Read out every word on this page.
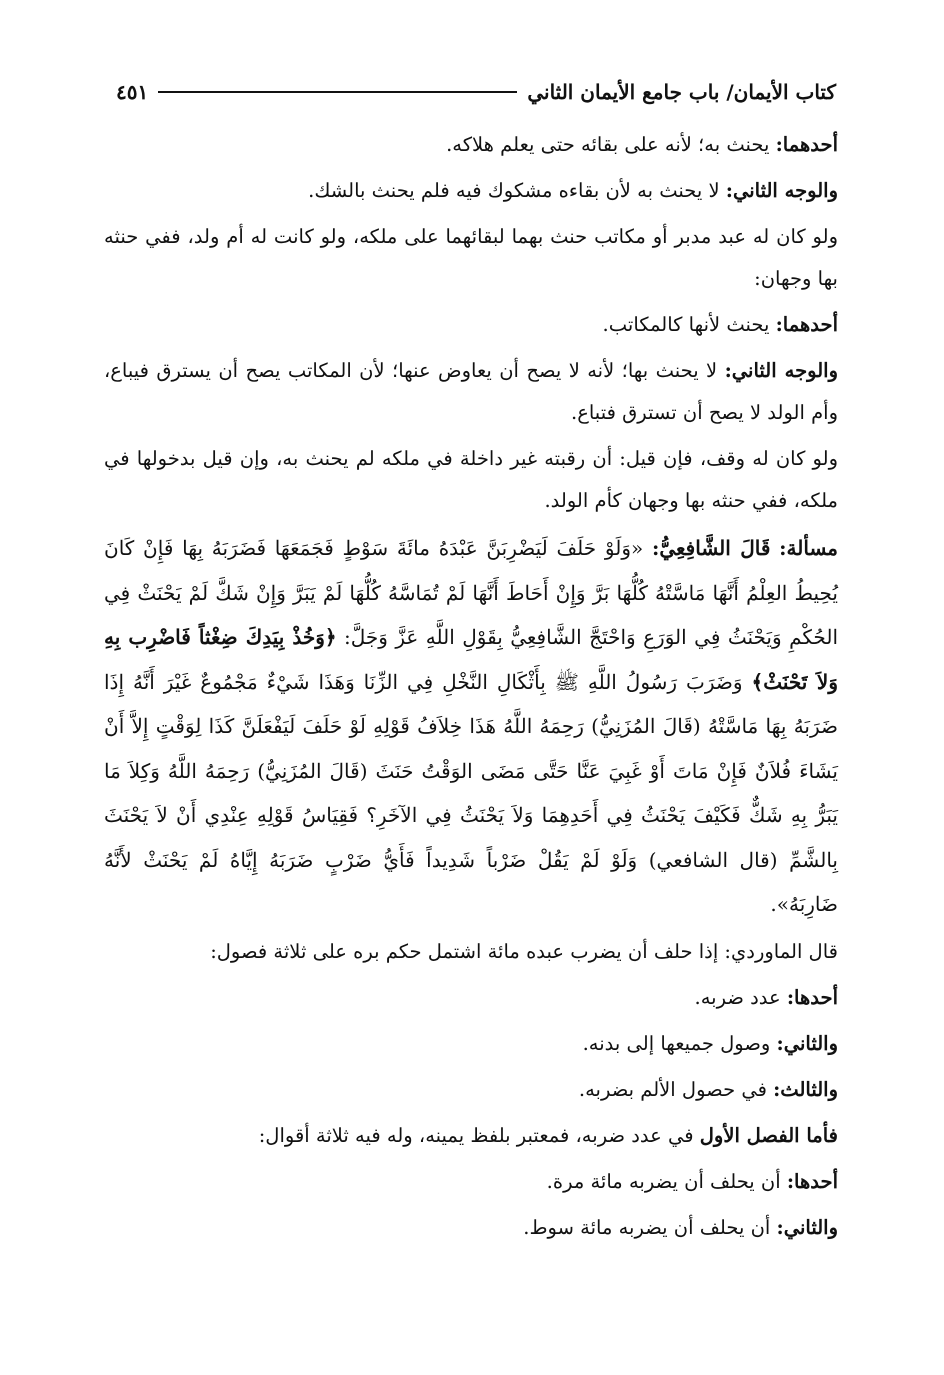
كتاب الأيمان/ باب جامع الأيمان الثاني
٤٥١

أحدهما: يحنث به؛ لأنه على بقائه حتى يعلم هلاكه.

والوجه الثاني: لا يحنث به لأن بقاءه مشكوك فيه فلم يحنث بالشك.

ولو كان له عبد مدبر أو مكاتب حنث بهما لبقائهما على ملكه، ولو كانت له أم ولد، ففي حنثه بها وجهان:

أحدهما: يحنث لأنها كالمكاتب.

والوجه الثاني: لا يحنث بها؛ لأنه لا يصح أن يعاوض عنها؛ لأن المكاتب يصح أن يسترق فيباع، وأم الولد لا يصح أن تسترق فتباع.

ولو كان له وقف، فإن قيل: أن رقبته غير داخلة في ملكه لم يحنث به، وإن قيل بدخولها في ملكه، ففي حنثه بها وجهان كأم الولد.

مسألة: قَالَ الشَّافِعِيُّ: «وَلَوْ حَلَفَ لَيَضْرِبَنَّ عَبْدَهُ مائَةَ سَوْطٍ فَجَمَعَهَا فَضَرَبَهُ بِهَا فَإِنْ كَانَ يُحِيطُ العِلْمُ أَنَّهَا مَاسَّتْهُ كُلُّهَا بَرَّ وَإِنْ أَحَاطَ أَنَّهَا لَمْ تُمَاسَّهُ كُلُّهَا لَمْ يَبَرَّ وَإِنْ شَكَّ لَمْ يَحْنَثْ فِي الحُكْمِ وَيَحْنَثُ فِي الوَرَعِ وَاحْتَجَّ الشَّافِعِيُّ بِقَوْلِ اللَّهِ عَزَّ وَجَلَّ: ﴿وَخُذْ بِيَدِكَ ضِغْثاً فَاضْرِب بِهِ وَلاَ تَحْنَثْ﴾ وَضَرَبَ رَسُولُ اللَّهِ ﷺ بِأَثْكَالِ النَّخْلِ فِي الزِّنَا وَهَذَا شَيْءٌ مَجْمُوعٌ غَيْرَ أَنَّهُ إِذَا ضَرَبَهُ بِهَا مَاسَّتْهُ (قَالَ المُزَنِيُّ) رَحِمَهُ اللَّهُ هَذَا خِلاَفُ قَوْلِهِ لَوْ حَلَفَ لَيَفْعَلَنَّ كَذَا لِوَقْتٍ إِلاَّ أَنْ يَشَاءَ فُلاَنٌ فَإِنْ مَاتَ أَوْ غَبِيَ عَنَّا حَتَّى مَضَى الوَقْتُ حَنَثَ (قَالَ المُزَنِيُّ) رَحِمَهُ اللَّهُ وَكِلاَ مَا يَبَرُّ بِهِ شَكٌّ فَكَيْفَ يَحْنَثُ فِي أَحَدِهِمَا وَلاَ يَحْنَثُ فِي الآخَرِ؟ فَقِيَاسُ قَوْلِهِ عِنْدِي أَنْ لاَ يَحْنَثَ بِالشَّمِّ (قال الشافعي) وَلَوْ لَمْ يَقُلْ ضَرْباً شَدِيداً فَأَيُّ ضَرْبٍ ضَرَبَهُ إِيَّاهُ لَمْ يَحْنَثْ لأَنَّهُ ضَارِبَهُ».

قال الماوردي: إذا حلف أن يضرب عبده مائة اشتمل حكم بره على ثلاثة فصول:

أحدها: عدد ضربه.

والثاني: وصول جميعها إلى بدنه.

والثالث: في حصول الألم بضربه.

فأما الفصل الأول في عدد ضربه، فمعتبر بلفظ يمينه، وله فيه ثلاثة أقوال:

أحدها: أن يحلف أن يضربه مائة مرة.

والثاني: أن يحلف أن يضربه مائة سوط.
